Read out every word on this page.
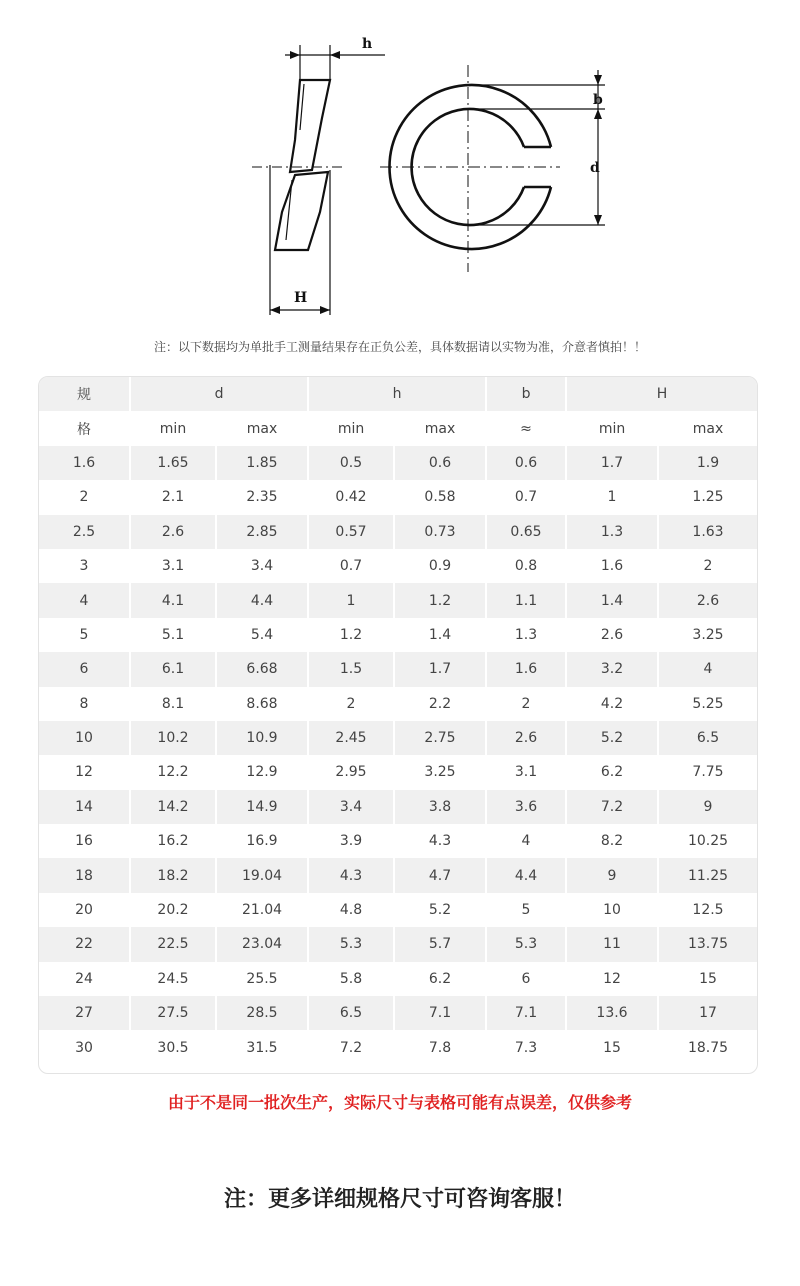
h
b
d
H
注：以下数据均为单批手工测量结果存在正负公差，具体数据请以实物为准，介意者慎拍！！
规	d		h		b	H	
格	min	max	min	max	≈	min	max
1.6	1.65	1.85	0.5	0.6	0.6	1.7	1.9
2	2.1	2.35	0.42	0.58	0.7	1	1.25
2.5	2.6	2.85	0.57	0.73	0.65	1.3	1.63
3	3.1	3.4	0.7	0.9	0.8	1.6	2
4	4.1	4.4	1	1.2	1.1	1.4	2.6
5	5.1	5.4	1.2	1.4	1.3	2.6	3.25
6	6.1	6.68	1.5	1.7	1.6	3.2	4
8	8.1	8.68	2	2.2	2	4.2	5.25
10	10.2	10.9	2.45	2.75	2.6	5.2	6.5
12	12.2	12.9	2.95	3.25	3.1	6.2	7.75
14	14.2	14.9	3.4	3.8	3.6	7.2	9
16	16.2	16.9	3.9	4.3	4	8.2	10.25
18	18.2	19.04	4.3	4.7	4.4	9	11.25
20	20.2	21.04	4.8	5.2	5	10	12.5
22	22.5	23.04	5.3	5.7	5.3	11	13.75
24	24.5	25.5	5.8	6.2	6	12	15
27	27.5	28.5	6.5	7.1	7.1	13.6	17
30	30.5	31.5	7.2	7.8	7.3	15	18.75
由于不是同一批次生产，实际尺寸与表格可能有点误差，仅供参考
注：更多详细规格尺寸可咨询客服！
